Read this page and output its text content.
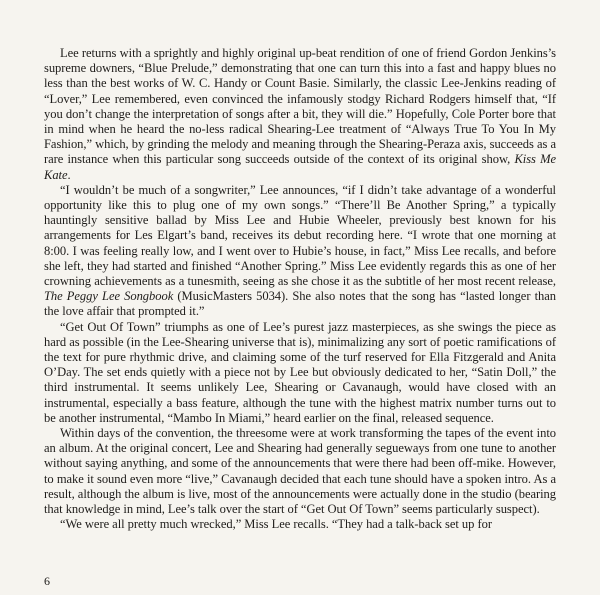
Lee returns with a sprightly and highly original up-beat rendition of one of friend Gordon Jenkins’s supreme downers, “Blue Prelude,” demonstrating that one can turn this into a fast and happy blues no less than the best works of W. C. Handy or Count Basie. Similarly, the classic Lee-Jenkins reading of “Lover,” Lee remembered, even convinced the infamously stodgy Richard Rodgers himself that, “If you don’t change the interpretation of songs after a bit, they will die.” Hopefully, Cole Porter bore that in mind when he heard the no-less radical Shearing-Lee treatment of “Always True To You In My Fashion,” which, by grinding the melody and meaning through the Shearing-Peraza axis, succeeds as a rare instance when this particular song succeeds outside of the context of its original show, Kiss Me Kate.

“I wouldn’t be much of a songwriter,” Lee announces, “if I didn’t take advantage of a wonderful opportunity like this to plug one of my own songs.” “There’ll Be Another Spring,” a typically hauntingly sensitive ballad by Miss Lee and Hubie Wheeler, previously best known for his arrangements for Les Elgart’s band, receives its debut recording here. “I wrote that one morning at 8:00. I was feeling really low, and I went over to Hubie’s house, in fact,” Miss Lee recalls, and before she left, they had started and finished “Another Spring.” Miss Lee evidently regards this as one of her crowning achievements as a tunesmith, seeing as she chose it as the subtitle of her most recent release, The Peggy Lee Songbook (MusicMasters 5034). She also notes that the song has “lasted longer than the love affair that prompted it.”

“Get Out Of Town” triumphs as one of Lee’s purest jazz masterpieces, as she swings the piece as hard as possible (in the Lee-Shearing universe that is), minimalizing any sort of poetic ramifications of the text for pure rhythmic drive, and claiming some of the turf reserved for Ella Fitzgerald and Anita O’Day. The set ends quietly with a piece not by Lee but obviously dedicated to her, “Satin Doll,” the third instrumental. It seems unlikely Lee, Shearing or Cavanaugh, would have closed with an instrumental, especially a bass feature, although the tune with the highest matrix number turns out to be another instrumental, “Mambo In Miami,” heard earlier on the final, released sequence.

Within days of the convention, the threesome were at work transforming the tapes of the event into an album. At the original concert, Lee and Shearing had generally segueways from one tune to another without saying anything, and some of the announcements that were there had been off-mike. However, to make it sound even more “live,” Cavanaugh decided that each tune should have a spoken intro. As a result, although the album is live, most of the announcements were actually done in the studio (bearing that knowledge in mind, Lee’s talk over the start of “Get Out Of Town” seems particularly suspect).

“We were all pretty much wrecked,” Miss Lee recalls. “They had a talk-back set up for

6
